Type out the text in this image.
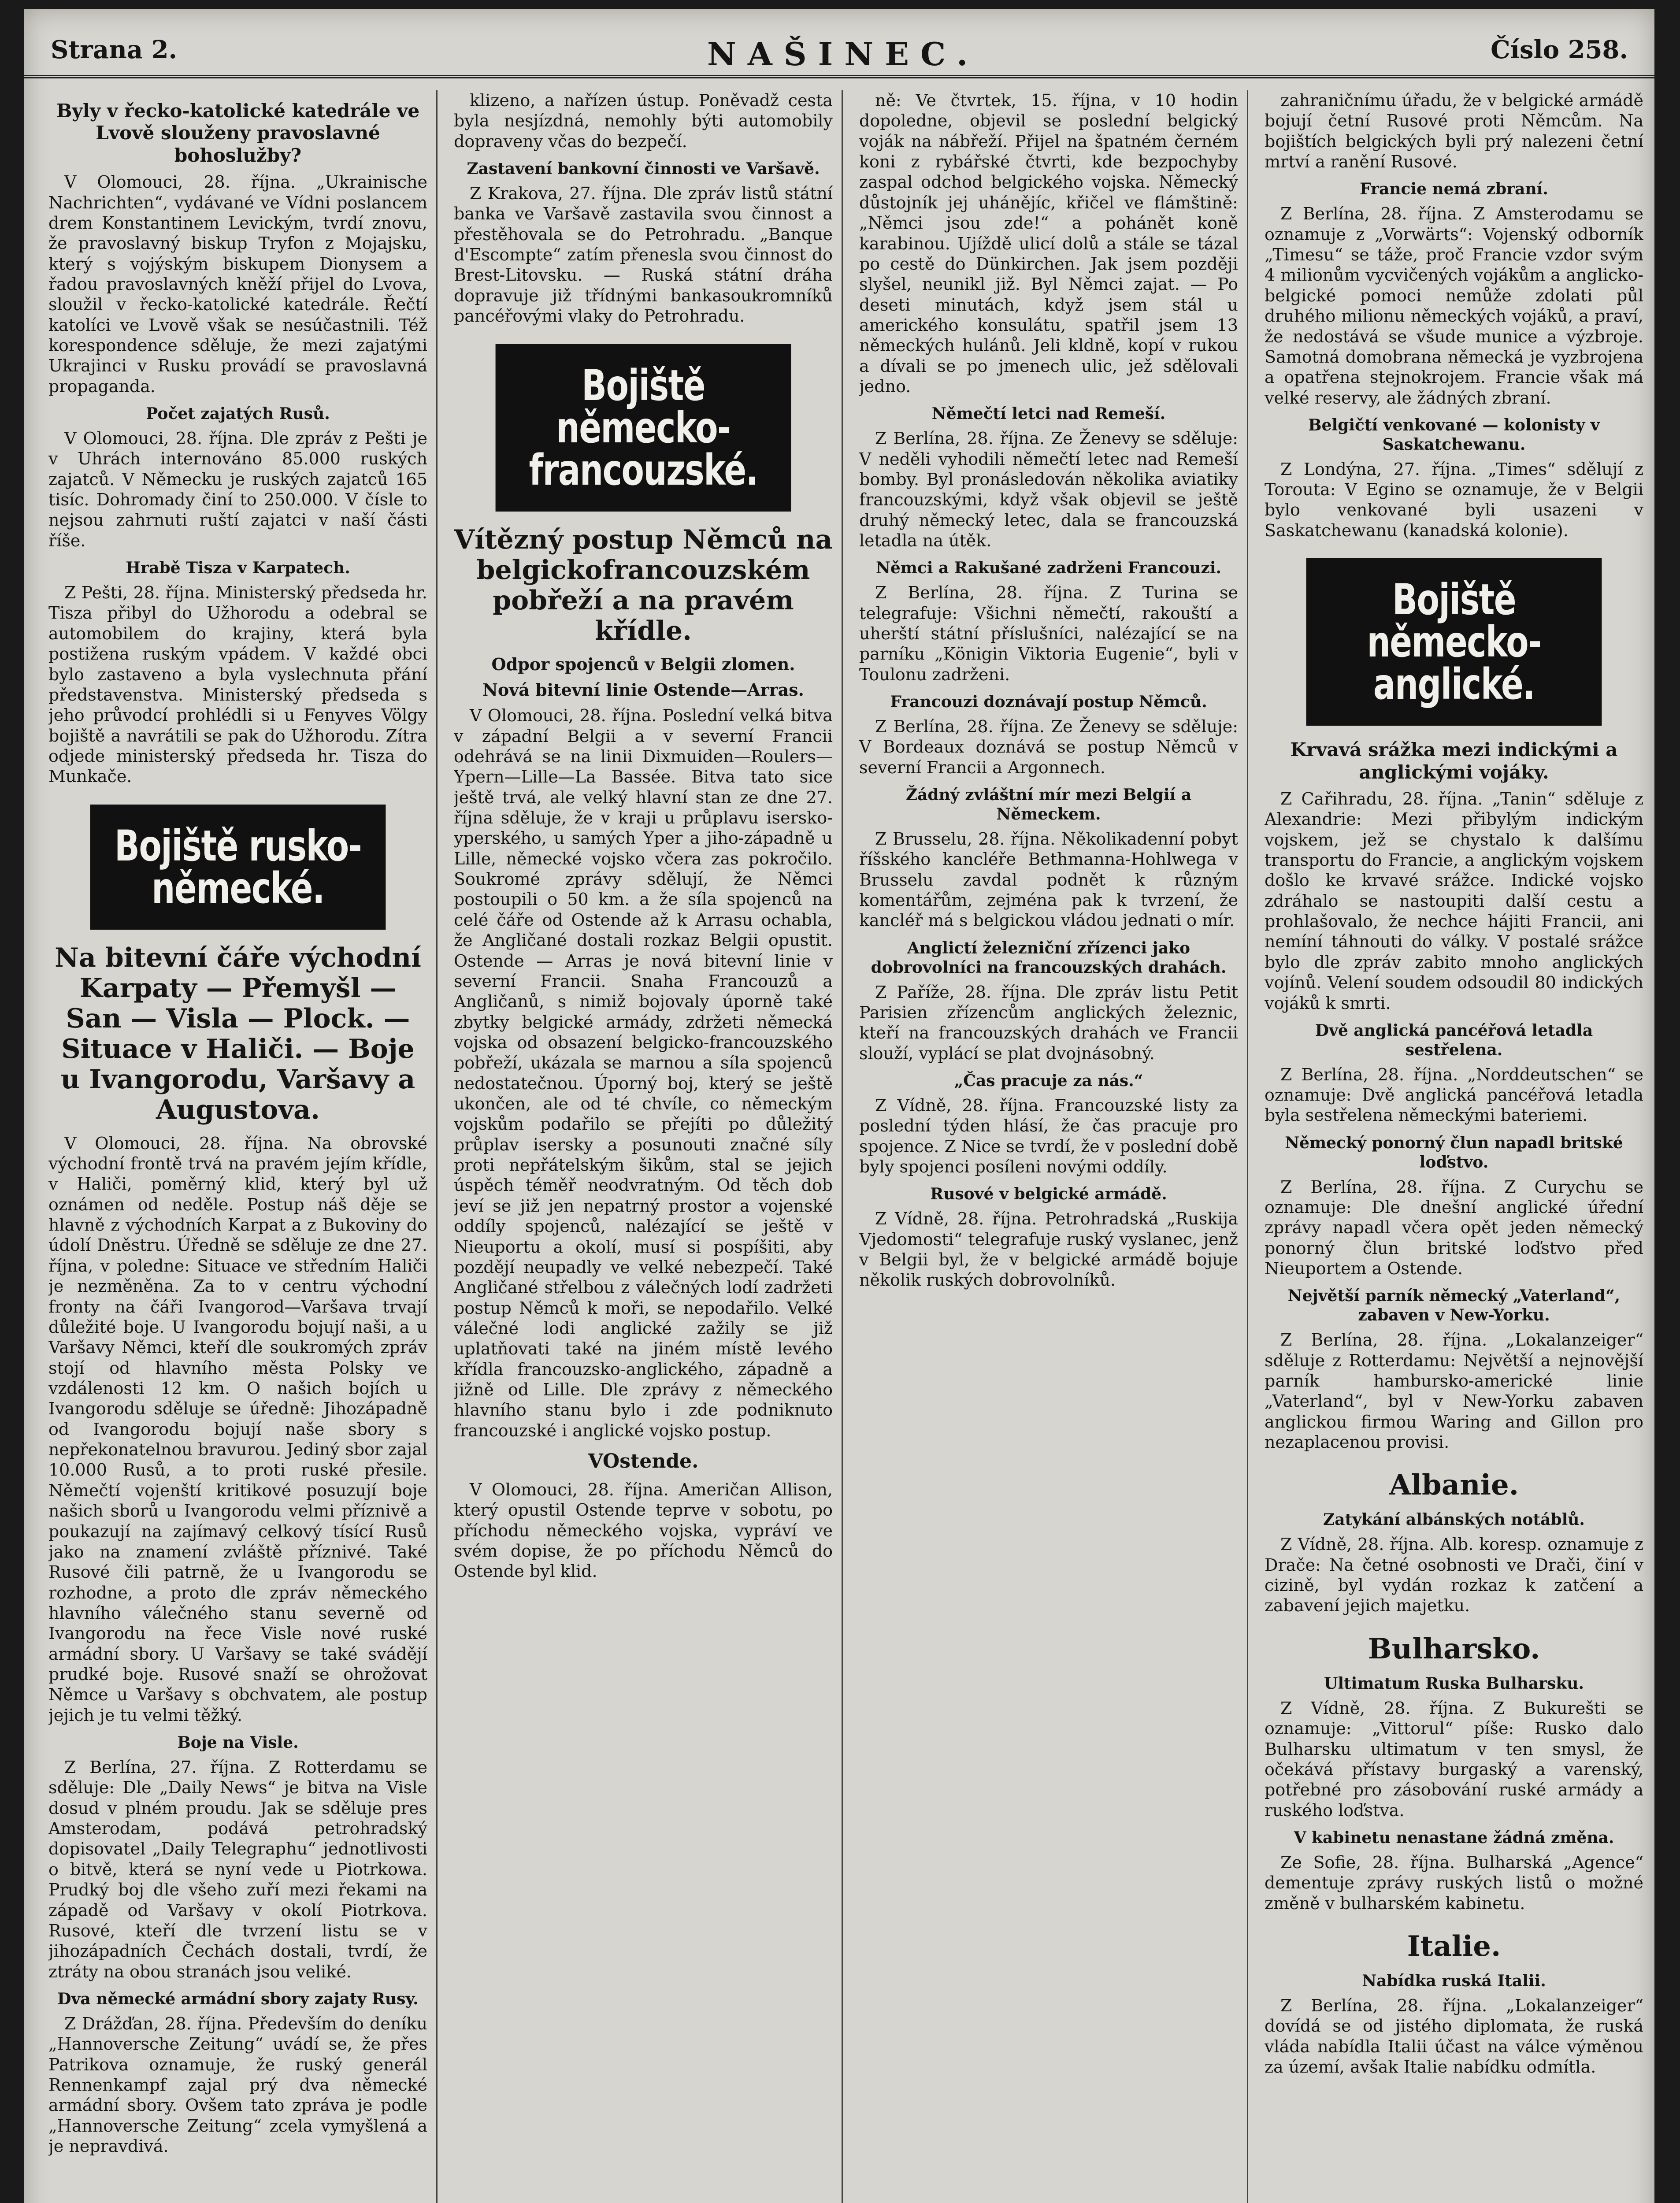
Strana 2.	NAŠINEC.	Číslo 258.
Byly v řecko-katolické katedrále ve Lvově slouženy pravoslavné bohoslužby?

V Olomouci, 28. října. „Ukrainische Nachrichten“, vydávané ve Vídni poslancem drem Konstantinem Levickým, tvrdí znovu, že pravoslavný biskup Tryfon z Mojajsku, který s vojýským biskupem Dionysem a řadou pravoslavných kněží přijel do Lvova, sloužil v řecko-katolické katedrále. Řečtí katolíci ve Lvově však se nesúčastnili. Též korespondence sděluje, že mezi zajatými Ukrajinci v Rusku provádí se pravoslavná propaganda.

Počet zajatých Rusů.

V Olomouci, 28. října. Dle zpráv z Pešti je v Uhrách internováno 85.000 ruských zajatců. V Německu je ruských zajatců 165 tisíc. Dohromady činí to 250.000. V čísle to nejsou zahrnuti ruští zajatci v naší části říše.

Hrabě Tisza v Karpatech.

Z Pešti, 28. října. Ministerský předseda hr. Tisza přibyl do Užhorodu a odebral se automobilem do krajiny, která byla postižena ruským vpádem. V každé obci bylo zastaveno a byla vyslechnuta přání představenstva. Ministerský předseda s jeho průvodcí prohlédli si u Fenyves Völgy bojiště a navrátili se pak do Užhorodu. Zítra odjede ministerský předseda hr. Tisza do Munkače.

Bojiště rusko-německé.
Na bitevní čáře východní Karpaty — Přemyšl — San — Visla — Plock. — Situace v Haliči. — Boje u Ivangorodu, Varšavy a Augustova.

V Olomouci, 28. října. Na obrovské východní frontě trvá na pravém jejím křídle, v Haliči, poměrný klid, který byl už oznámen od neděle. Postup náš děje se hlavně z východních Karpat a z Bukoviny do údolí Dněstru. Úředně se sděluje ze dne 27. října, v poledne: Situace ve středním Haliči je nezměněna. Za to v centru východní fronty na čáři Ivangorod—Varšava trvají důležité boje. U Ivangorodu bojují naši, a u Varšavy Němci, kteří dle soukromých zpráv stojí od hlavního města Polsky ve vzdálenosti 12 km. O našich bojích u Ivangorodu sděluje se úředně: Jihozápadně od Ivangorodu bojují naše sbory s nepřekonatelnou bravurou. Jediný sbor zajal 10.000 Rusů, a to proti ruské přesile. Němečtí vojenští kritikové posuzují boje našich sborů u Ivangorodu velmi příznivě a poukazují na zajímavý celkový tísící Rusů jako na znamení zvláště příznivé. Také Rusové čili patrně, že u Ivangorodu se rozhodne, a proto dle zpráv německého hlavního válečného stanu severně od Ivangorodu na řece Visle nové ruské armádní sbory. U Varšavy se také svádějí prudké boje. Rusové snaží se ohrožovat Němce u Varšavy s obchvatem, ale postup jejich je tu velmi těžký.

Boje na Visle.

Z Berlína, 27. října. Z Rotterdamu se sděluje: Dle „Daily News“ je bitva na Visle dosud v plném proudu. Jak se sděluje pres Amsterodam, podává petrohradský dopisovatel „Daily Telegraphu“ jednotlivosti o bitvě, která se nyní vede u Piotrkowa. Prudký boj dle všeho zuří mezi řekami na západě od Varšavy v okolí Piotrkova. Rusové, kteří dle tvrzení listu se v jihozápadních Čechách dostali, tvrdí, že ztráty na obou stranách jsou veliké.

Dva německé armádní sbory zajaty Rusy.

Z Drážďan, 28. října. Především do deníku „Hannoversche Zeitung“ uvádí se, že přes Patrikova oznamuje, že ruský generál Rennenkampf zajal prý dva německé armádní sbory. Ovšem tato zpráva je podle „Hannoversche Zeitung“ zcela vymyšlená a je nepravdivá.

klizeno, a nařízen ústup. Poněvadž cesta byla nesjízdná, nemohly býti automobily dopraveny včas do bezpečí.

Zastavení bankovní činnosti ve Varšavě.

Z Krakova, 27. října. Dle zpráv listů státní banka ve Varšavě zastavila svou činnost a přestěhovala se do Petrohradu. „Banque d'Escompte“ zatím přenesla svou činnost do Brest-Litovsku. — Ruská státní dráha dopravuje již třídnými bankasoukromníků pancéřovými vlaky do Petrohradu.

Bojiště německo-francouzské.
Vítězný postup Němců na belgickofrancouzském pobřeží a na pravém křídle.
Odpor spojenců v Belgii zlomen.
Nová bitevní linie Ostende—Arras.

V Olomouci, 28. října. Poslední velká bitva v západní Belgii a v severní Francii odehrává se na linii Dixmuiden—Roulers—Ypern—Lille—La Bassée. Bitva tato sice ještě trvá, ale velký hlavní stan ze dne 27. října sděluje, že v kraji u průplavu isersko-yperského, u samých Yper a jiho-západně u Lille, německé vojsko včera zas pokročilo. Soukromé zprávy sdělují, že Němci postoupili o 50 km. a že síla spojenců na celé čáře od Ostende až k Arrasu ochabla, že Angličané dostali rozkaz Belgii opustit. Ostende — Arras je nová bitevní linie v severní Francii. Snaha Francouzů a Angličanů, s nimiž bojovaly úporně také zbytky belgické armády, zdržeti německá vojska od obsazení belgicko-francouzského pobřeží, ukázala se marnou a síla spojenců nedostatečnou. Úporný boj, který se ještě ukončen, ale od té chvíle, co německým vojskům podařilo se přejíti po důležitý průplav isersky a posunouti značné síly proti nepřátelským šikům, stal se jejich úspěch téměř neodvratným. Od těch dob jeví se již jen nepatrný prostor a vojenské oddíly spojenců, nalézající se ještě v Nieuportu a okolí, musí si pospíšiti, aby pozdějí neupadly ve velké nebezpečí. Také Angličané střelbou z válečných lodí zadržeti postup Němců k moři, se nepodařilo. Velké válečné lodi anglické zažily se již uplatňovati také na jiném místě levého křídla francouzsko-anglického, západně a jižně od Lille. Dle zprávy z německého hlavního stanu bylo i zde podniknuto francouzské i anglické vojsko postup.

VOstende.

V Olomouci, 28. října. Američan Allison, který opustil Ostende teprve v sobotu, po příchodu německého vojska, vypráví ve svém dopise, že po příchodu Němců do Ostende byl klid.

ně: Ve čtvrtek, 15. října, v 10 hodin dopoledne, objevil se poslední belgický voják na nábřeží. Přijel na špatném černém koni z rybářské čtvrti, kde bezpochyby zaspal odchod belgického vojska. Německý důstojník jej uhánějíc, křičel ve flámštině: „Němci jsou zde!“ a pohánět koně karabinou. Ujíždě ulicí dolů a stále se tázal po cestě do Dünkirchen. Jak jsem později slyšel, neunikl již. Byl Němci zajat. — Po deseti minutách, když jsem stál u amerického konsulátu, spatřil jsem 13 německých hulánů. Jeli kldně, kopí v rukou a dívali se po jmenech ulic, jež sdělovali jedno.

Němečtí letci nad Remeší.

Z Berlína, 28. října. Ze Ženevy se sděluje: V neděli vyhodili němečtí letec nad Remeší bomby. Byl pronásledován několika aviatiky francouzskými, když však objevil se ještě druhý německý letec, dala se francouzská letadla na útěk.

Němci a Rakušané zadrženi Francouzi.

Z Berlína, 28. října. Z Turina se telegrafuje: Všichni němečtí, rakouští a uherští státní příslušníci, nalézající se na parníku „Königin Viktoria Eugenie“, byli v Toulonu zadrženi.

Francouzi doznávají postup Němců.

Z Berlína, 28. října. Ze Ženevy se sděluje: V Bordeaux doznává se postup Němců v severní Francii a Argonnech.

Žádný zvláštní mír mezi Belgií a Německem.

Z Brusselu, 28. října. Několikadenní pobyt říšského kancléře Bethmanna-Hohlwega v Brusselu zavdal podnět k různým komentářům, zejména pak k tvrzení, že kancléř má s belgickou vládou jednati o mír.

Anglictí železniční zřízenci jako dobrovolníci na francouzských drahách.

Z Paříže, 28. října. Dle zpráv listu Petit Parisien zřízencům anglických železnic, kteří na francouzských drahách ve Francii slouží, vyplácí se plat dvojnásobný.

„Čas pracuje za nás.“

Z Vídně, 28. října. Francouzské listy za poslední týden hlásí, že čas pracuje pro spojence. Z Nice se tvrdí, že v poslední době byly spojenci posíleni novými oddíly.

Rusové v belgické armádě.

Z Vídně, 28. října. Petrohradská „Ruskija Vjedomosti“ telegrafuje ruský vyslanec, jenž v Belgii byl, že v belgické armádě bojuje několik ruských dobrovolníků.

zahraničnímu úřadu, že v belgické armádě bojují četní Rusové proti Němcům. Na bojištích belgických byli prý nalezeni četní mrtví a ranění Rusové.

Francie nemá zbraní.

Z Berlína, 28. října. Z Amsterodamu se oznamuje z „Vorwärts“: Vojenský odborník „Timesu“ se táže, proč Francie vzdor svým 4 milionům vycvičených vojákům a anglicko-belgické pomoci nemůže zdolati půl druhého milionu německých vojáků, a praví, že nedostává se všude munice a výzbroje. Samotná domobrana německá je vyzbrojena a opatřena stejnokrojem. Francie však má velké reservy, ale žádných zbraní.

Belgičtí venkované — kolonisty v Saskatchewanu.

Z Londýna, 27. října. „Times“ sdělují z Torouta: V Egino se oznamuje, že v Belgii bylo venkované byli usazeni v Saskatchewanu (kanadská kolonie).

Bojiště německo-anglické.
Krvavá srážka mezi indickými a anglickými vojáky.

Z Cařihradu, 28. října. „Tanin“ sděluje z Alexandrie: Mezi přibylým indickým vojskem, jež se chystalo k dalšímu transportu do Francie, a anglickým vojskem došlo ke krvavé srážce. Indické vojsko zdráhalo se nastoupiti další cestu a prohlašovalo, že nechce hájiti Francii, ani nemíní táhnouti do války. V postalé srážce bylo dle zpráv zabito mnoho anglických vojínů. Velení soudem odsoudil 80 indických vojáků k smrti.

Dvě anglická pancéřová letadla sestřelena.

Z Berlína, 28. října. „Norddeutschen“ se oznamuje: Dvě anglická pancéřová letadla byla sestřelena německými bateriemi.

Německý ponorný člun napadl britské loďstvo.

Z Berlína, 28. října. Z Curychu se oznamuje: Dle dnešní anglické úřední zprávy napadl včera opět jeden německý ponorný člun britské loďstvo před Nieuportem a Ostende.

Největší parník německý „Vaterland“, zabaven v New-Yorku.

Z Berlína, 28. října. „Lokalanzeiger“ sděluje z Rotterdamu: Největší a nejnovější parník hambursko-americké linie „Vaterland“, byl v New-Yorku zabaven anglickou firmou Waring and Gillon pro nezaplacenou provisi.

Albanie.
Zatykání albánských notáblů.

Z Vídně, 28. října. Alb. koresp. oznamuje z Drače: Na četné osobnosti ve Drači, činí v cizině, byl vydán rozkaz k zatčení a zabavení jejich majetku.

Bulharsko.
Ultimatum Ruska Bulharsku.

Z Vídně, 28. října. Z Bukurešti se oznamuje: „Vittorul“ píše: Rusko dalo Bulharsku ultimatum v ten smysl, že očekává přístavy burgaský a varenský, potřebné pro zásobování ruské armády a ruského loďstva.

V kabinetu nenastane žádná změna.

Ze Sofie, 28. října. Bulharská „Agence“ dementuje zprávy ruských listů o možné změně v bulharském kabinetu.

Italie.
Nabídka ruská Italii.

Z Berlína, 28. října. „Lokalanzeiger“ dovídá se od jistého diplomata, že ruská vláda nabídla Italii účast na válce výměnou za území, avšak Italie nabídku odmítla.
